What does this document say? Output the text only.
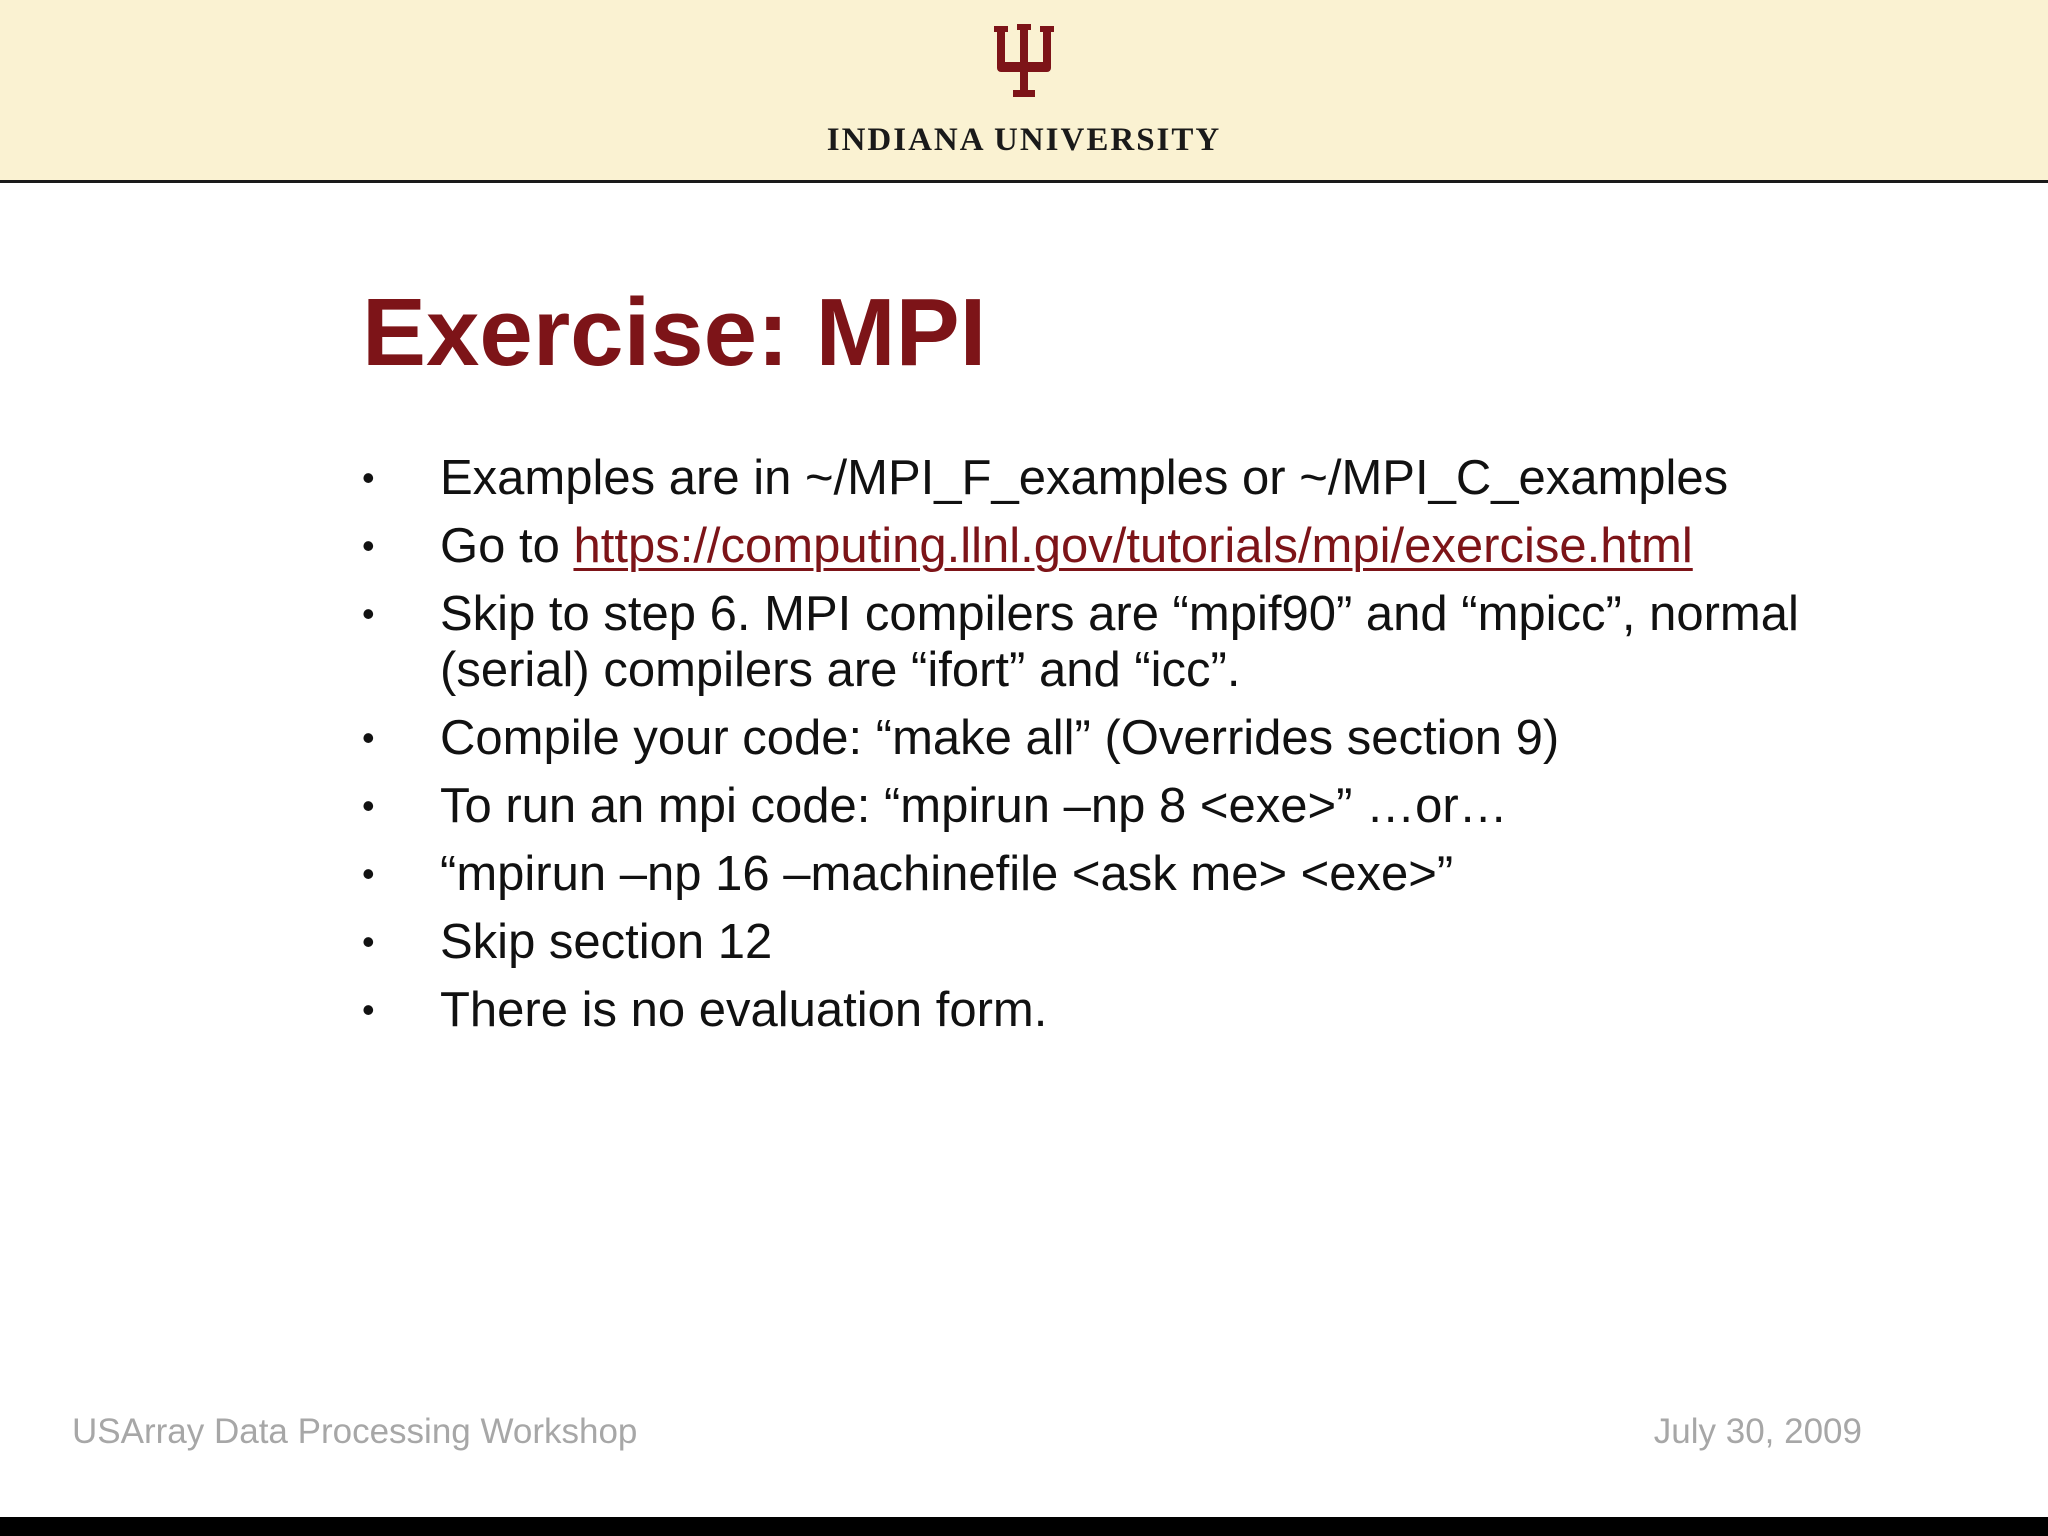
INDIANA UNIVERSITY
Exercise: MPI
•	Examples are in ~/MPI_F_examples or ~/MPI_C_examples
•	Go to https://computing.llnl.gov/tutorials/mpi/exercise.html
•	Skip to step 6. MPI compilers are “mpif90” and “mpicc”, normal (serial) compilers are “ifort” and “icc”.
•	Compile your code: “make all” (Overrides section 9)
•	To run an mpi code: “mpirun –np 8 <exe>” …or…
•	“mpirun –np 16 –machinefile <ask me> <exe>”
•	Skip section 12
•	There is no evaluation form.
USArray Data Processing Workshop	July 30, 2009
